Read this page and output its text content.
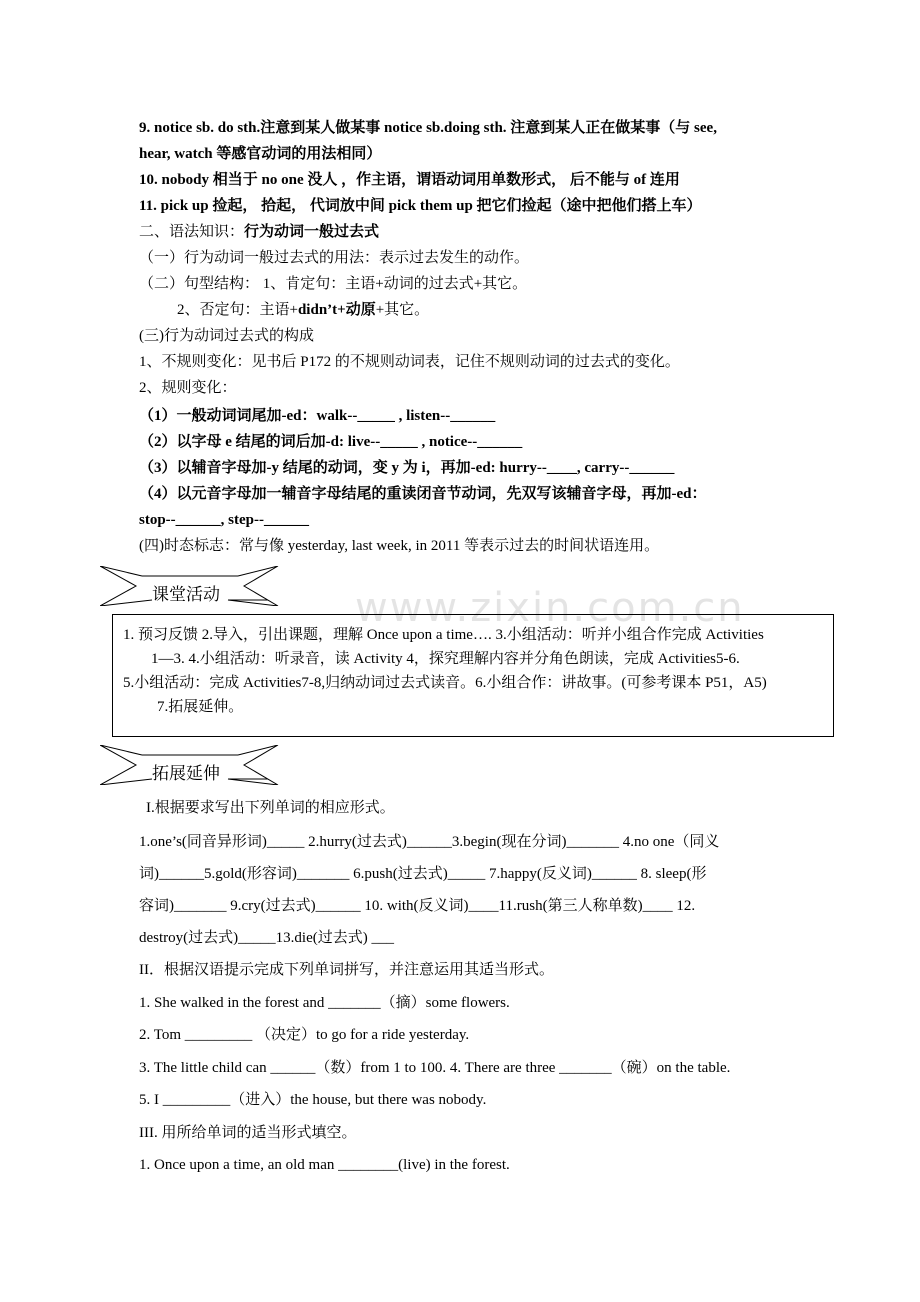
9. notice sb. do sth.注意到某人做某事 notice sb.doing sth. 注意到某人正在做某事（与 see,
hear, watch 等感官动词的用法相同）
10. nobody 相当于 no one 没人 ，作主语，谓语动词用单数形式， 后不能与 of 连用
11. pick up 捡起， 拾起， 代词放中间 pick them up 把它们捡起（途中把他们搭上车）
二、语法知识：行为动词一般过去式
（一）行为动词一般过去式的用法：表示过去发生的动作。
（二）句型结构： 1、肯定句：主语+动词的过去式+其它。
2、否定句：主语+didn’t+动原+其它。
(三)行为动词过去式的构成
1、不规则变化：见书后 P172 的不规则动词表，记住不规则动词的过去式的变化。
2、规则变化：
（1）一般动词词尾加-ed：walk--_____ , listen--______
（2）以字母 e 结尾的词后加-d: live--_____ , notice--______
（3）以辅音字母加-y 结尾的动词，变 y 为 i，再加-ed: hurry--____, carry--______
（4）以元音字母加一辅音字母结尾的重读闭音节动词，先双写该辅音字母，再加-ed：
stop--______, step--______
(四)时态标志：常与像 yesterday, last week, in 2011 等表示过去的时间状语连用。
www.zixin.com.cn
课堂活动
1. 预习反馈 2.导入，引出课题，理解 Once upon a time…. 3.小组活动：听并小组合作完成 Activities
1—3. 4.小组活动：听录音，读 Activity 4，探究理解内容并分角色朗读，完成 Activities5-6.
5.小组活动：完成 Activities7-8,归纳动词过去式读音。6.小组合作：讲故事。(可参考课本 P51，A5)
7.拓展延伸。
拓展延伸
I.根据要求写出下列单词的相应形式。
1.one’s(同音异形词)_____ 2.hurry(过去式)______3.begin(现在分词)_______ 4.no one（同义
词)______5.gold(形容词)_______ 6.push(过去式)_____ 7.happy(反义词)______ 8. sleep(形
容词)_______ 9.cry(过去式)______ 10. with(反义词)____11.rush(第三人称单数)____ 12.
destroy(过去式)_____13.die(过去式) ___
II．根据汉语提示完成下列单词拼写，并注意运用其适当形式。
1. She walked in the forest and _______（摘）some flowers.
2. Tom _________ （决定）to go for a ride yesterday.
3. The little child can ______（数）from 1 to 100. 4. There are three _______（碗）on the table.
5. I _________（进入）the house, but there was nobody.
III. 用所给单词的适当形式填空。
1. Once upon a time, an old man ________(live) in the forest.
